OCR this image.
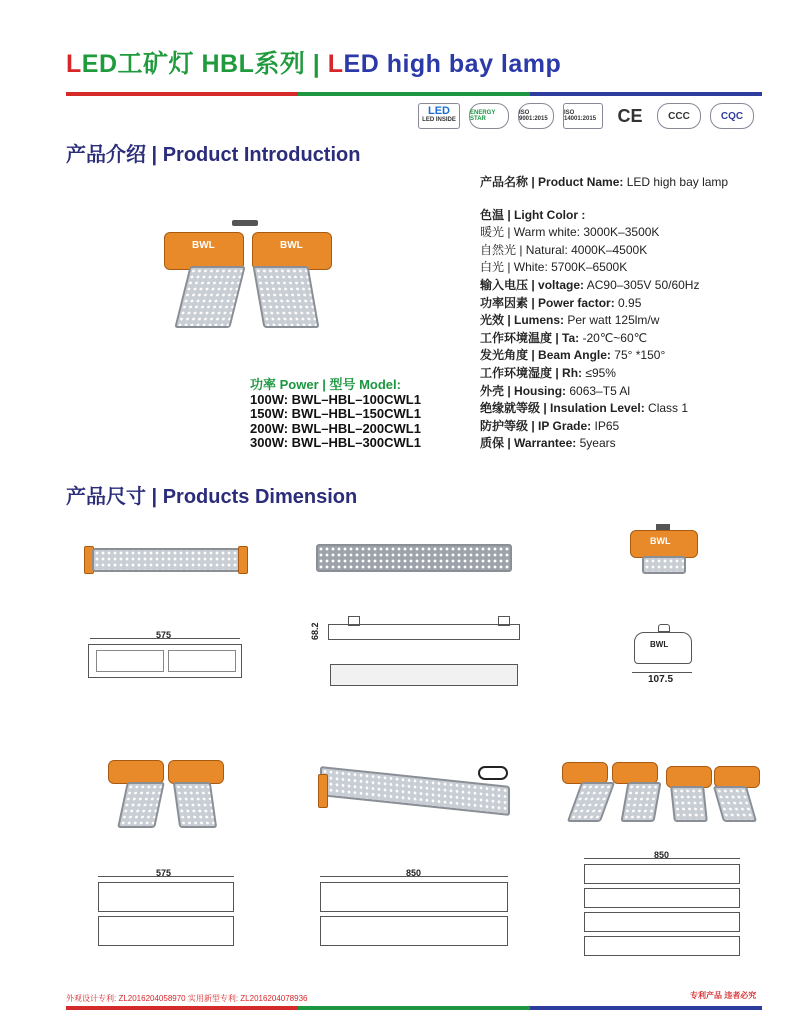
LED工矿灯 HBL系列 | LED high bay lamp
LED
LED INSIDE
ENERGY STAR
ISO 9001:2015
ISO 14001:2015	CE	CCC	CQC
产品介绍 | Product Introduction
BWL	BWL
功率 Power | 型号 Model:
100W: BWL–HBL–100CWL1
150W: BWL–HBL–150CWL1
200W: BWL–HBL–200CWL1
300W: BWL–HBL–300CWL1
产品名称 | Product Name: LED high bay lamp
色温 | Light Color :
暖光 | Warm white: 3000K–3500K
自然光 | Natural: 4000K–4500K
白光 | White: 5700K–6500K
输入电压 | voltage: AC90–305V 50/60Hz
功率因素 | Power factor: 0.95
光效 | Lumens: Per watt 125lm/w
工作环境温度 | Ta: -20℃~60℃
发光角度 | Beam Angle: 75° *150°
工作环境湿度 | Rh: ≤95%
外壳 | Housing: 6063–T5 Al
绝缘就等级 | Insulation Level: Class 1
防护等级 | IP Grade: IP65
质保 | Warrantee: 5years
产品尺寸 | Products Dimension
BWL
575	68.2
BWL
107.5
575	850
850
外观设计专利: ZL2016204058970 实用新型专利: ZL2016204078936	专利产品 违者必究
